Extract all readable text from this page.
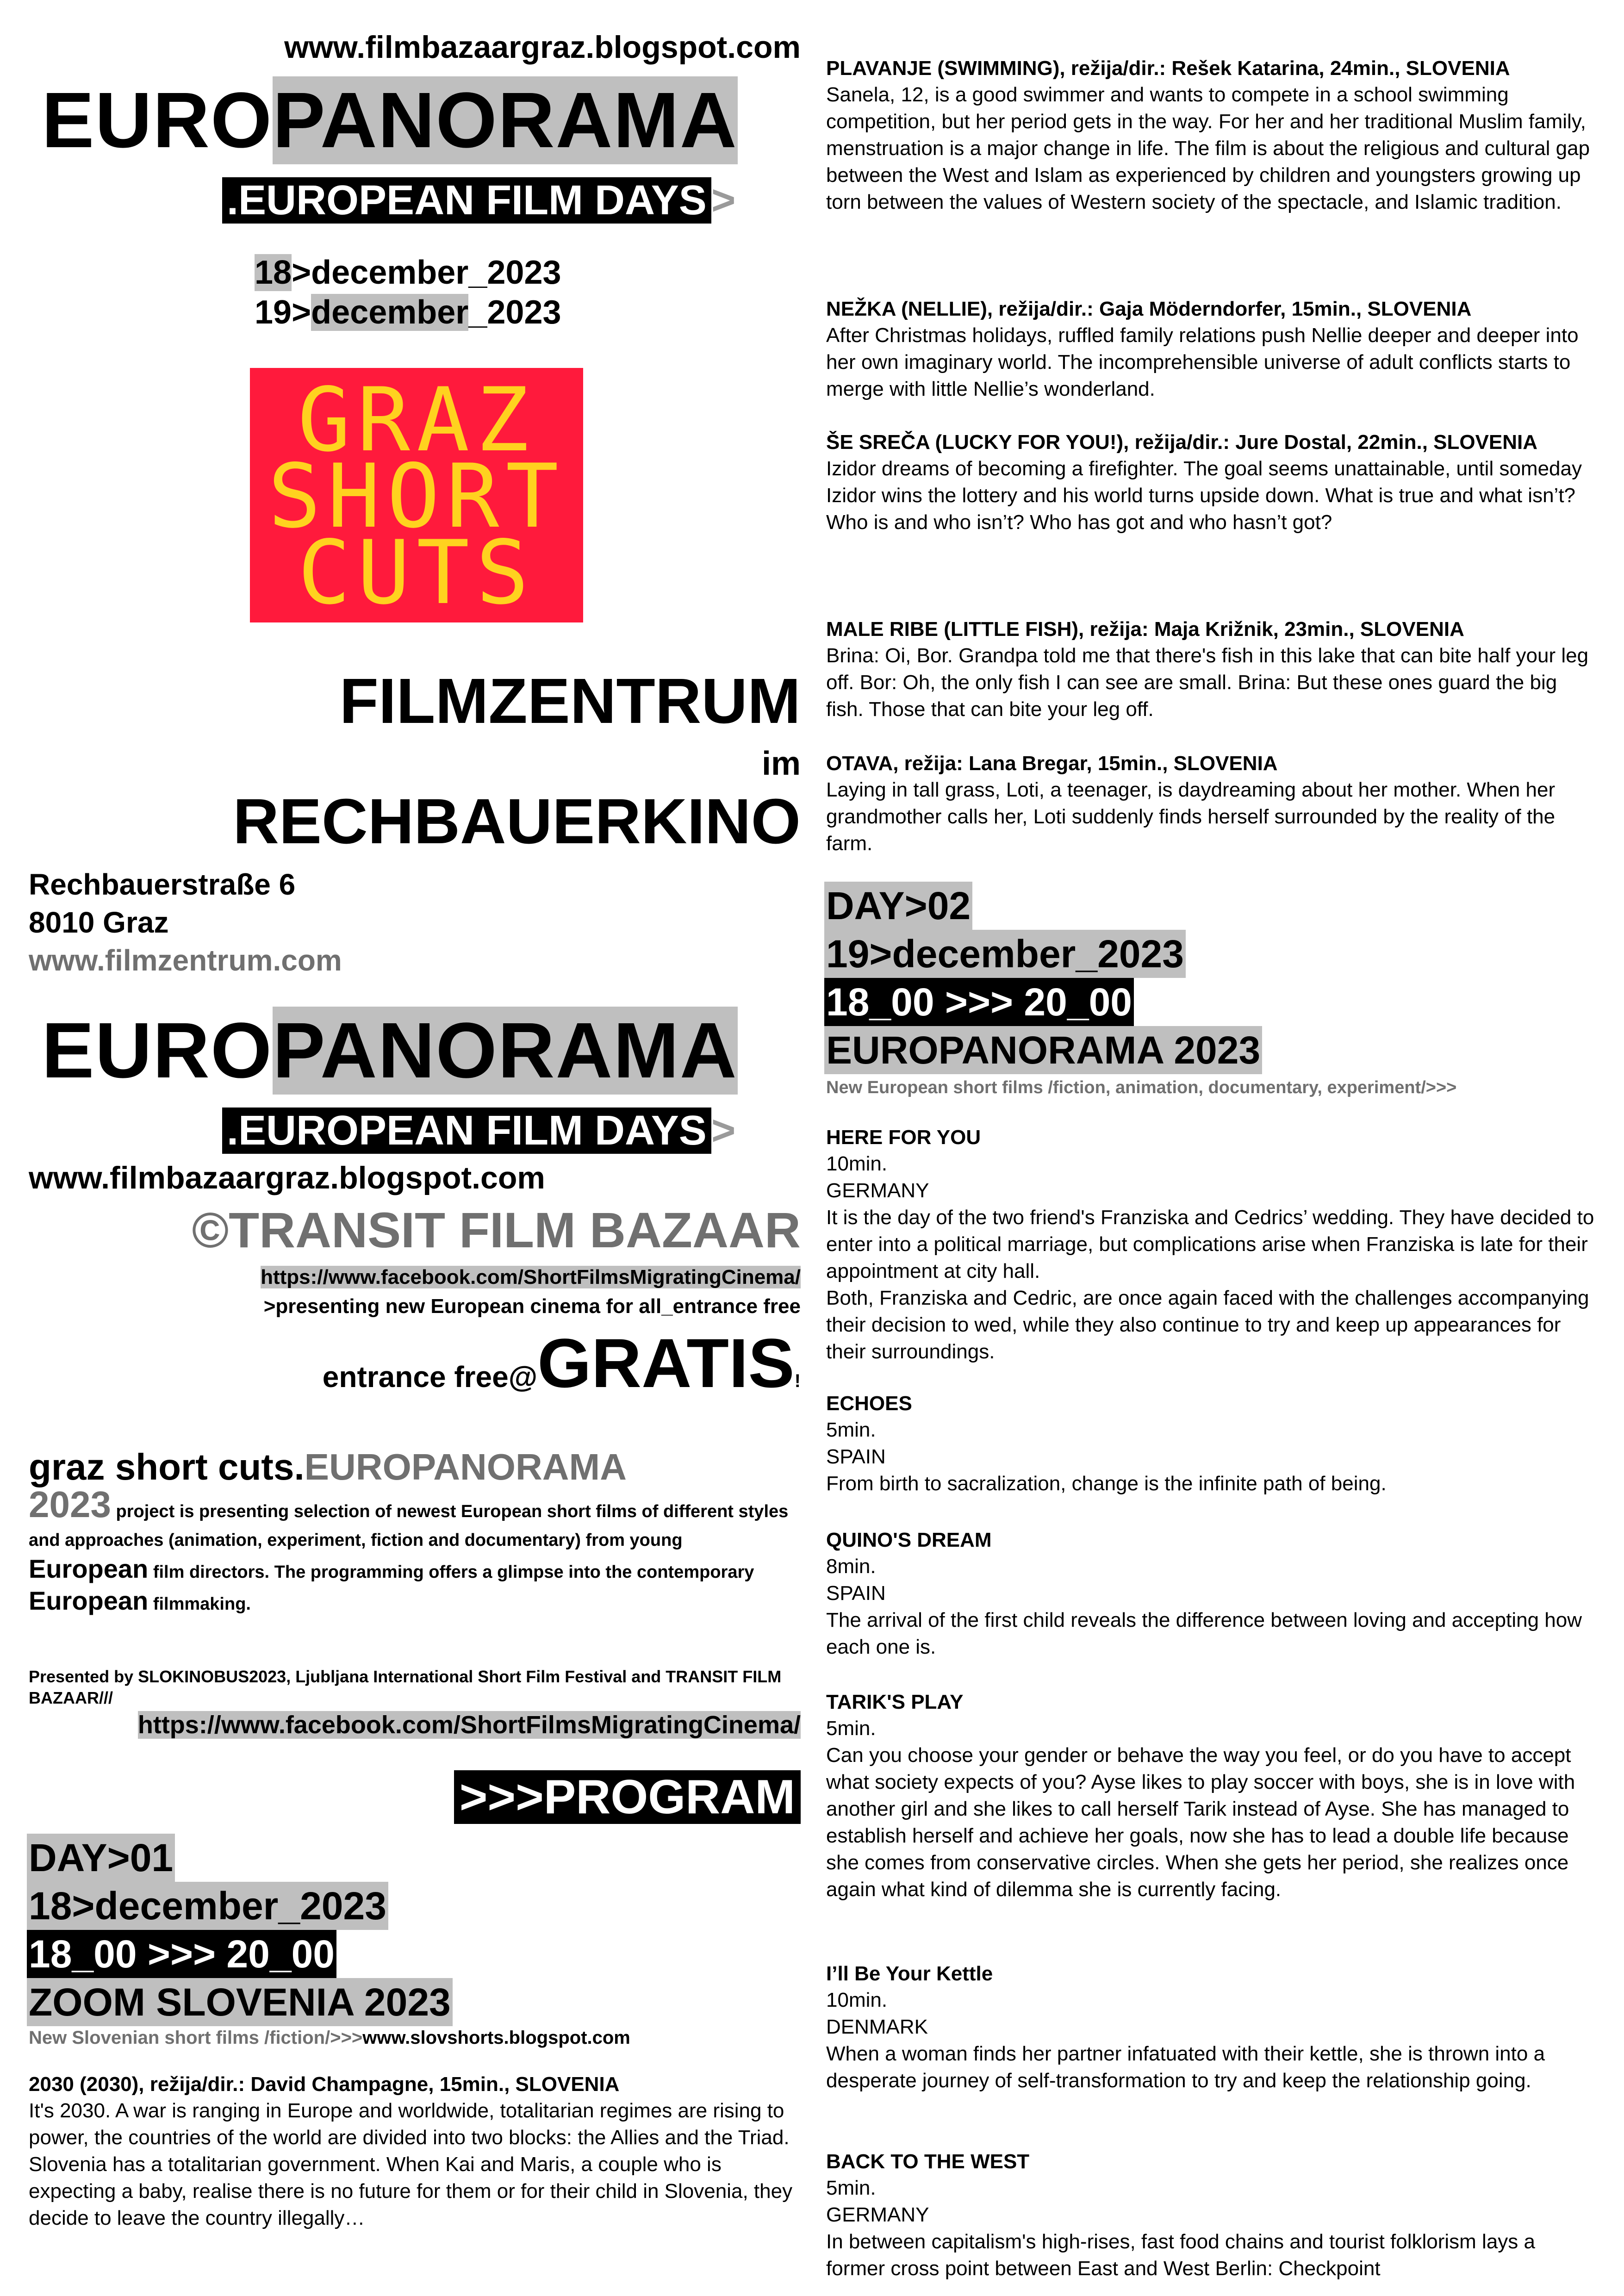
www.filmbazaargraz.blogspot.com
EUROPANORAMA
.EUROPEAN FILM DAYS >
18>december_2023
19>december_2023
GRAZ
SHORT
CUTS
FILMZENTRUM
im
RECHBAUERKINO
Rechbauerstraße 6
8010 Graz
www.filmzentrum.com
EUROPANORAMA
.EUROPEAN FILM DAYS >
www.filmbazaargraz.blogspot.com
©TRANSIT FILM BAZAAR
https://www.facebook.com/ShortFilmsMigratingCinema/
>presenting new European cinema for all_entrance free
entrance free@GRATIS!
graz short cuts.EUROPANORAMA
2023 project is presenting selection of newest European short films of different styles and approaches (animation, experiment, fiction and documentary) from young European film directors. The programming offers a glimpse into the contemporary European filmmaking.
Presented by SLOKINOBUS2023, Ljubljana International Short Film Festival and TRANSIT FILM BAZAAR///
https://www.facebook.com/ShortFilmsMigratingCinema/
>>>PROGRAM
DAY>01
18>december_2023
18_00 >>> 20_00
ZOOM SLOVENIA 2023
New Slovenian short films /fiction/>>>www.slovshorts.blogspot.com

2030 (2030), režija/dir.: David Champagne, 15min., SLOVENIA

It's 2030. A war is ranging in Europe and worldwide, totalitarian regimes are rising to power, the countries of the world are divided into two blocks: the Allies and the Triad. Slovenia has a totalitarian government. When Kai and Maris, a couple who is expecting a baby, realise there is no future for them or for their child in Slovenia, they decide to leave the country illegally…

PLAVANJE (SWIMMING), režija/dir.: Rešek Katarina, 24min., SLOVENIA

Sanela, 12, is a good swimmer and wants to compete in a school swimming competition, but her period gets in the way. For her and her traditional Muslim family, menstruation is a major change in life. The film is about the religious and cultural gap between the West and Islam as experienced by children and youngsters growing up torn between the values of Western society of the spectacle, and Islamic tradition.

NEŽKA (NELLIE), režija/dir.: Gaja Möderndorfer, 15min., SLOVENIA

After Christmas holidays, ruffled family relations push Nellie deeper and deeper into her own imaginary world. The incomprehensible universe of adult conflicts starts to merge with little Nellie’s wonderland.

ŠE SREČA (LUCKY FOR YOU!), režija/dir.: Jure Dostal, 22min., SLOVENIA

Izidor dreams of becoming a firefighter. The goal seems unattainable, until someday Izidor wins the lottery and his world turns upside down. What is true and what isn’t? Who is and who isn’t? Who has got and who hasn’t got?

MALE RIBE (LITTLE FISH), režija: Maja Križnik, 23min., SLOVENIA

Brina: Oi, Bor. Grandpa told me that there's fish in this lake that can bite half your leg off. Bor: Oh, the only fish I can see are small. Brina: But these ones guard the big fish. Those that can bite your leg off.

OTAVA, režija: Lana Bregar, 15min., SLOVENIA

Laying in tall grass, Loti, a teenager, is daydreaming about her mother. When her grandmother calls her, Loti suddenly finds herself surrounded by the reality of the farm.

DAY>02
19>december_2023
18_00 >>> 20_00
EUROPANORAMA 2023
New European short films /fiction, animation, documentary, experiment/>>>

HERE FOR YOU

10min.

GERMANY

It is the day of the two friend's Franziska and Cedrics’ wedding. They have decided to enter into a political marriage, but complications arise when Franziska is late for their appointment at city hall.

Both, Franziska and Cedric, are once again faced with the challenges accompanying their decision to wed, while they also continue to try and keep up appearances for their surroundings.

ECHOES

5min.

SPAIN

From birth to sacralization, change is the infinite path of being.

QUINO'S DREAM

8min.

SPAIN

The arrival of the first child reveals the difference between loving and accepting how each one is.

TARIK'S PLAY

5min.

Can you choose your gender or behave the way you feel, or do you have to accept what society expects of you? Ayse likes to play soccer with boys, she is in love with another girl and she likes to call herself Tarik instead of Ayse. She has managed to establish herself and achieve her goals, now she has to lead a double life because she comes from conservative circles. When she gets her period, she realizes once again what kind of dilemma she is currently facing.

I’ll Be Your Kettle

10min.

DENMARK

When a woman finds her partner infatuated with their kettle, she is thrown into a desperate journey of self-transformation to try and keep the relationship going.

BACK TO THE WEST

5min.

GERMANY

In between capitalism's high-rises, fast food chains and tourist folklorism lays a former cross point between East and West Berlin: Checkpoint
